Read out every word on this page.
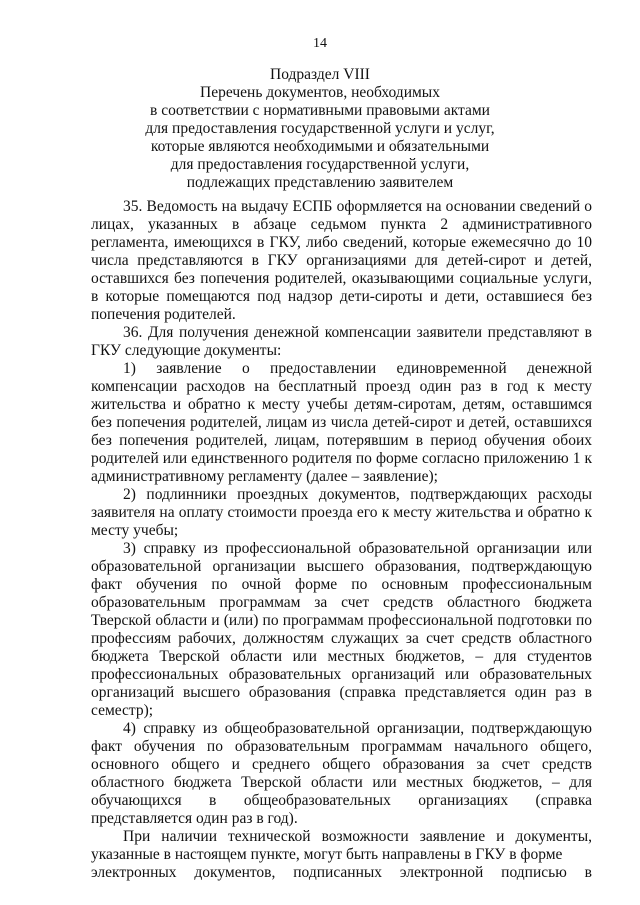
14
Подраздел VIII
Перечень документов, необходимых
в соответствии с нормативными правовыми актами
для предоставления государственной услуги и услуг,
которые являются необходимыми и обязательными
для предоставления государственной услуги,
подлежащих представлению заявителем

35. Ведомость на выдачу ЕСПБ оформляется на основании сведений о лицах, указанных в абзаце седьмом пункта 2 административного регламента, имеющихся в ГКУ, либо сведений, которые ежемесячно до 10 числа представляются в ГКУ организациями для детей-сирот и детей, оставшихся без попечения родителей, оказывающими социальные услуги, в которые помещаются под надзор дети-сироты и дети, оставшиеся без попечения родителей.

36. Для получения денежной компенсации заявители представляют в ГКУ следующие документы:

1) заявление о предоставлении единовременной денежной компенсации расходов на бесплатный проезд один раз в год к месту жительства и обратно к месту учебы детям-сиротам, детям, оставшимся без попечения родителей, лицам из числа детей-сирот и детей, оставшихся без попечения родителей, лицам, потерявшим в период обучения обоих родителей или единственного родителя по форме согласно приложению 1 к административному регламенту (далее – заявление);

2) подлинники проездных документов, подтверждающих расходы заявителя на оплату стоимости проезда его к месту жительства и обратно к месту учебы;

3) справку из профессиональной образовательной организации или образовательной организации высшего образования, подтверждающую факт обучения по очной форме по основным профессиональным образовательным программам за счет средств областного бюджета Тверской области и (или) по программам профессиональной подготовки по профессиям рабочих, должностям служащих за счет средств областного бюджета Тверской области или местных бюджетов, – для студентов профессиональных образовательных организаций или образовательных организаций высшего образования (справка представляется один раз в семестр);

4) справку из общеобразовательной организации, подтверждающую факт обучения по образовательным программам начального общего, основного общего и среднего общего образования за счет средств областного бюджета Тверской области или местных бюджетов, – для обучающихся в общеобразовательных организациях (справка представляется один раз в год).

При наличии технической возможности заявление и документы, указанные в настоящем пункте, могут быть направлены в ГКУ в форме

электронных документов, подписанных электронной подписью в
